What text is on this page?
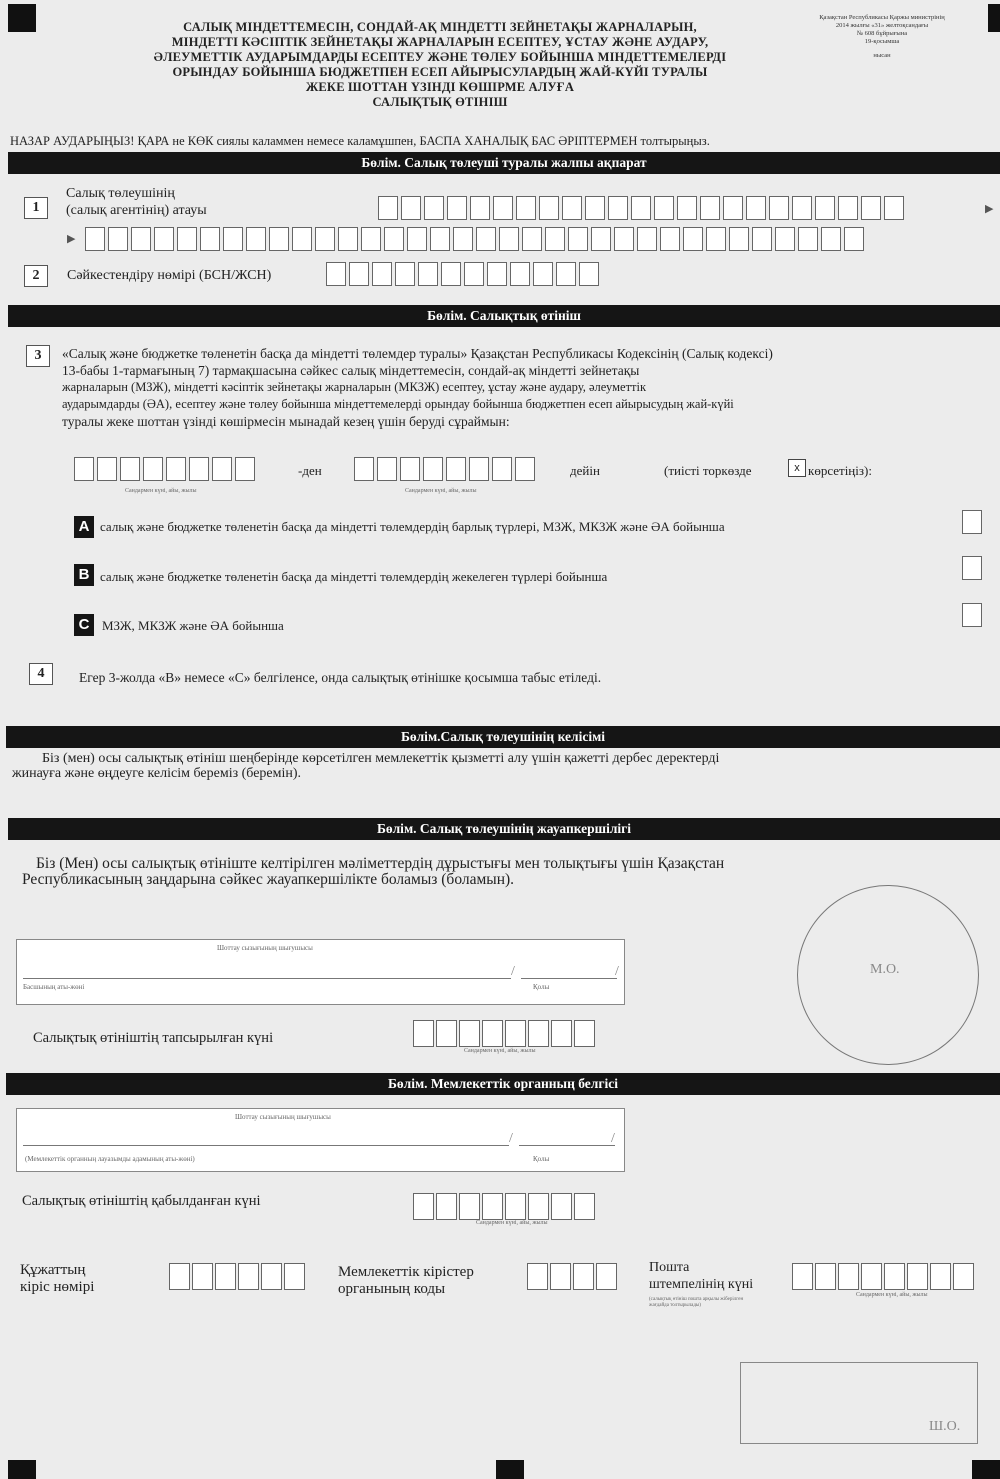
САЛЫҚ МІНДЕТТЕМЕСІН, СОНДАЙ-АҚ МІНДЕТТІ ЗЕЙНЕТАҚЫ ЖАРНАЛАРЫН,
МІНДЕТТІ КӘСІПТІК ЗЕЙНЕТАҚЫ ЖАРНАЛАРЫН ЕСЕПТЕУ, ҰСТАУ ЖӘНЕ АУДАРУ,
ӘЛЕУМЕТТІК АУДАРЫМДАРДЫ ЕСЕПТЕУ ЖӘНЕ ТӨЛЕУ БОЙЫНША МІНДЕТТЕМЕЛЕРДІ
ОРЫНДАУ БОЙЫНША БЮДЖЕТПЕН ЕСЕП АЙЫРЫСУЛАРДЫҢ ЖАЙ-КҮЙІ ТУРАЛЫ
ЖЕКЕ ШОТТАН ҮЗІНДІ КӨШІРМЕ АЛУҒА
САЛЫҚТЫҚ ӨТІНІШ
Қазақстан Республикасы Қаржы министрінің
2014 жылғы «31» желтоқсандағы
№ 608 бұйрығына
19-қосымша
нысан
НАЗАР АУДАРЫҢЫЗ! ҚАРА не КӨК сиялы каламмен немесе каламұшпен, БАСПА ХАНАЛЫҚ БАС ӘРІПТЕРМЕН толтырыңыз.
Бөлім. Салық төлеуші туралы жалпы ақпарат
1
Салық төлеушінің
(салық агентінің) атауы	▶
▶
2	Сәйкестендіру нөмірі (БСН/ЖСН)
Бөлім. Салықтық өтініш
3	«Салық және бюджетке төленетін басқа да міндетті төлемдер туралы» Қазақстан Республикасы Кодексінің (Салық кодексі)
13-бабы 1-тармағының 7) тармақшасына сәйкес салық міндеттемесін, сондай-ақ міндетті зейнетақы
жарналарын (МЗЖ), міндетті кәсіптік зейнетақы жарналарын (МКЗЖ) есептеу, ұстау және аудару, әлеуметтік
аударымдарды (ӘА), есептеу және төлеу бойынша міндеттемелерді орындау бойынша бюджетпен есеп айырысудың жай-күйі
туралы жеке шоттан үзінді көшірмесін мынадай кезең үшін беруді сұраймын:
Сандармен күні, айы, жылы
-ден
Сандармен күні, айы, жылы
дейін	(тиісті торкөзде	х көрсетіңіз):
A салық және бюджетке төленетін басқа да міндетті төлемдердің барлық түрлері, МЗЖ, МКЗЖ және ӘА бойынша
B салық және бюджетке төленетін басқа да міндетті төлемдердің жекелеген түрлері бойынша
C МЗЖ, МКЗЖ және ӘА бойынша
4	Егер 3-жолда «В» немесе «С» белгіленсе, онда салықтық өтінішке қосымша табыс етіледі.
Бөлім.Салық төлеушінің келісімі
Біз (мен) осы салықтық өтініш шеңберінде көрсетілген мемлекеттік қызметті алу үшін қажетті дербес деректерді
жинауға және өңдеуге келісім береміз (беремін).
Бөлім. Салық төлеушінің жауапкершілігі
Біз (Мен) осы салықтық өтініште келтірілген мәліметтердің дұрыстығы мен толықтығы үшін Қазақстан
Республикасының заңдарына сәйкес жауапкершілікте боламыз (боламын).
Шоттау сызығының шығушысы
/	/
Басшының аты-жөні	Қолы
М.О.
Салықтық өтініштің тапсырылған күні
Сандармен күні, айы, жылы
Бөлім. Мемлекеттік органның белгісі
Шоттау сызығының шығушысы
/	/
(Мемлекеттік органның лауазымды адамының аты-жөні)	Қолы
Салықтық өтініштің қабылданған күні
Сандармен күні, айы, жылы
Құжаттың
кіріс нөмірі
Мемлекеттік кірістер
органының коды
Пошта
штемпелінің күні
(салықтық өтініш пошта арқылы жіберілген жағдайда толтырылады)
Сандармен күні, айы, жылы
Ш.О.
